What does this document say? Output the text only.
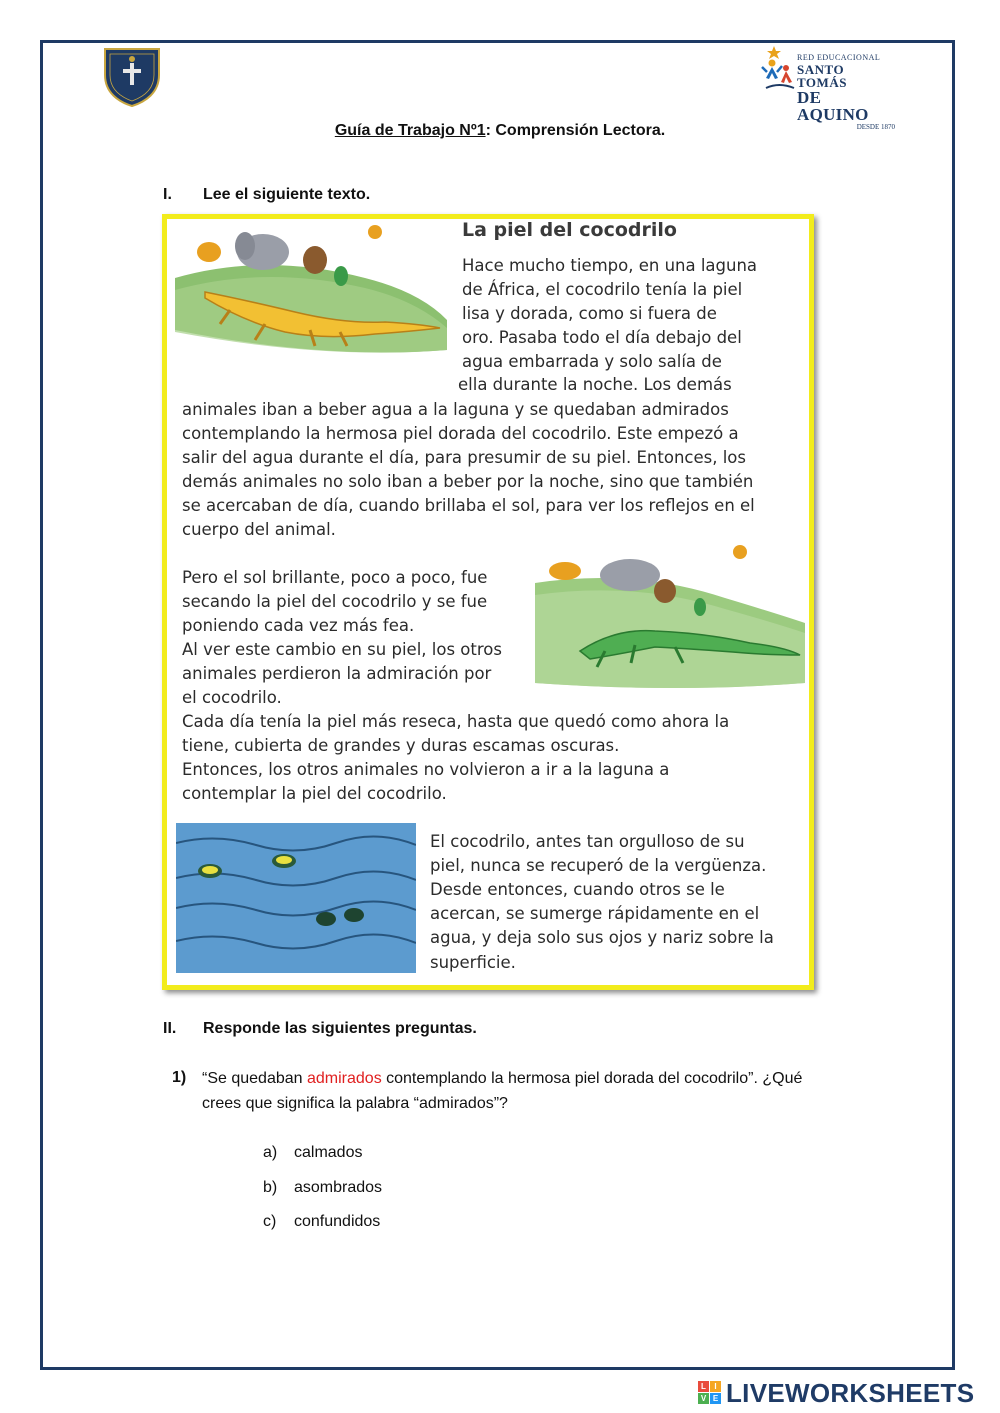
RED EDUCACIONAL
SANTO TOMÁS
DE AQUINO
DESDE 1870
Guía de Trabajo Nº1: Comprensión Lectora.
I. Lee el siguiente texto.
La piel del cocodrilo
Hace mucho tiempo, en una laguna
de África, el cocodrilo tenía la piel
lisa y dorada, como si fuera de
oro. Pasaba todo el día debajo del
agua embarrada y solo salía de
ella durante la noche. Los demás
animales iban a beber agua a la laguna y se quedaban admirados
contemplando la hermosa piel dorada del cocodrilo. Este empezó a
salir del agua durante el día, para presumir de su piel. Entonces, los
demás animales no solo iban a beber por la noche, sino que también
se acercaban de día, cuando brillaba el sol, para ver los reflejos en el
cuerpo del animal.
Pero el sol brillante, poco a poco, fue
secando la piel del cocodrilo y se fue
poniendo cada vez más fea.
Al ver este cambio en su piel, los otros
animales perdieron la admiración por
el cocodrilo.
Cada día tenía la piel más reseca, hasta que quedó como ahora la
tiene, cubierta de grandes y duras escamas oscuras.
Entonces, los otros animales no volvieron a ir a la laguna a
contemplar la piel del cocodrilo.
El cocodrilo, antes tan orgulloso de su
piel, nunca se recuperó de la vergüenza.
Desde entonces, cuando otros se le
acercan, se sumerge rápidamente en el
agua, y deja solo sus ojos y nariz sobre la
superficie.
II. Responde las siguientes preguntas.
1) “Se quedaban admirados contemplando la hermosa piel dorada del cocodrilo”. ¿Qué
crees que significa la palabra “admirados”?
a) calmados
b) asombrados
c) confundidos
L	I
V E LIVEWORKSHEETS
